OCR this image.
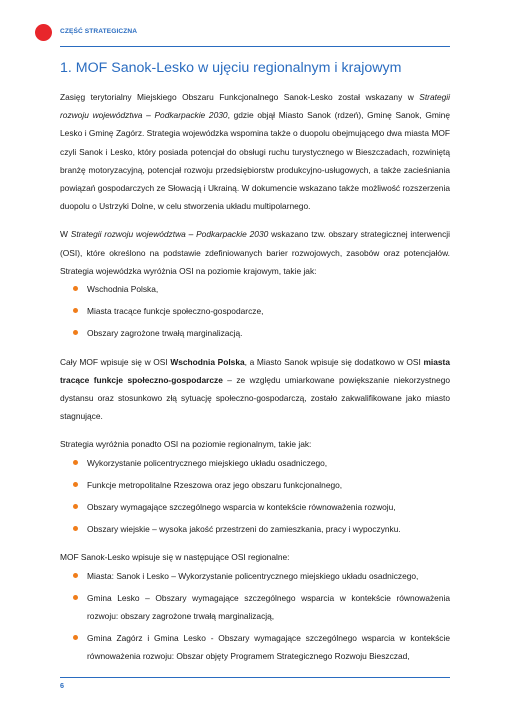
CZĘŚĆ STRATEGICZNA
1. MOF Sanok-Lesko w ujęciu regionalnym i krajowym

Zasięg terytorialny Miejskiego Obszaru Funkcjonalnego Sanok-Lesko został wskazany w Strategii rozwoju województwa – Podkarpackie 2030, gdzie objął Miasto Sanok (rdzeń), Gminę Sanok, Gminę Lesko i Gminę Zagórz. Strategia wojewódzka wspomina także o duopolu obejmującego dwa miasta MOF czyli Sanok i Lesko, który posiada potencjał do obsługi ruchu turystycznego w Bieszczadach, rozwiniętą branżę motoryzacyjną, potencjał rozwoju przedsiębiorstw produkcyjno-usługowych, a także zacieśniania powiązań gospodarczych ze Słowacją i Ukrainą. W dokumencie wskazano także możliwość rozszerzenia duopolu o Ustrzyki Dolne, w celu stworzenia układu multipolarnego.

W Strategii rozwoju województwa – Podkarpackie 2030 wskazano tzw. obszary strategicznej interwencji (OSI), które określono na podstawie zdefiniowanych barier rozwojowych, zasobów oraz potencjałów. Strategia wojewódzka wyróżnia OSI na poziomie krajowym, takie jak:

Wschodnia Polska,
Miasta tracące funkcje społeczno-gospodarcze,
Obszary zagrożone trwałą marginalizacją.

Cały MOF wpisuje się w OSI Wschodnia Polska, a Miasto Sanok wpisuje się dodatkowo w OSI miasta tracące funkcje społeczno-gospodarcze – ze względu umiarkowane powiększanie niekorzystnego dystansu oraz stosunkowo złą sytuację społeczno-gospodarczą, zostało zakwalifikowane jako miasto stagnujące.

Strategia wyróżnia ponadto OSI na poziomie regionalnym, takie jak:

Wykorzystanie policentrycznego miejskiego układu osadniczego,
Funkcje metropolitalne Rzeszowa oraz jego obszaru funkcjonalnego,
Obszary wymagające szczególnego wsparcia w kontekście równoważenia rozwoju,
Obszary wiejskie – wysoka jakość przestrzeni do zamieszkania, pracy i wypoczynku.

MOF Sanok-Lesko wpisuje się w następujące OSI regionalne:

Miasta: Sanok i Lesko – Wykorzystanie policentrycznego miejskiego układu osadniczego,
Gmina Lesko – Obszary wymagające szczególnego wsparcia w kontekście równoważenia rozwoju: obszary zagrożone trwałą marginalizacją,
Gmina Zagórz i Gmina Lesko - Obszary wymagające szczególnego wsparcia w kontekście równoważenia rozwoju: Obszar objęty Programem Strategicznego Rozwoju Bieszczad,
6
